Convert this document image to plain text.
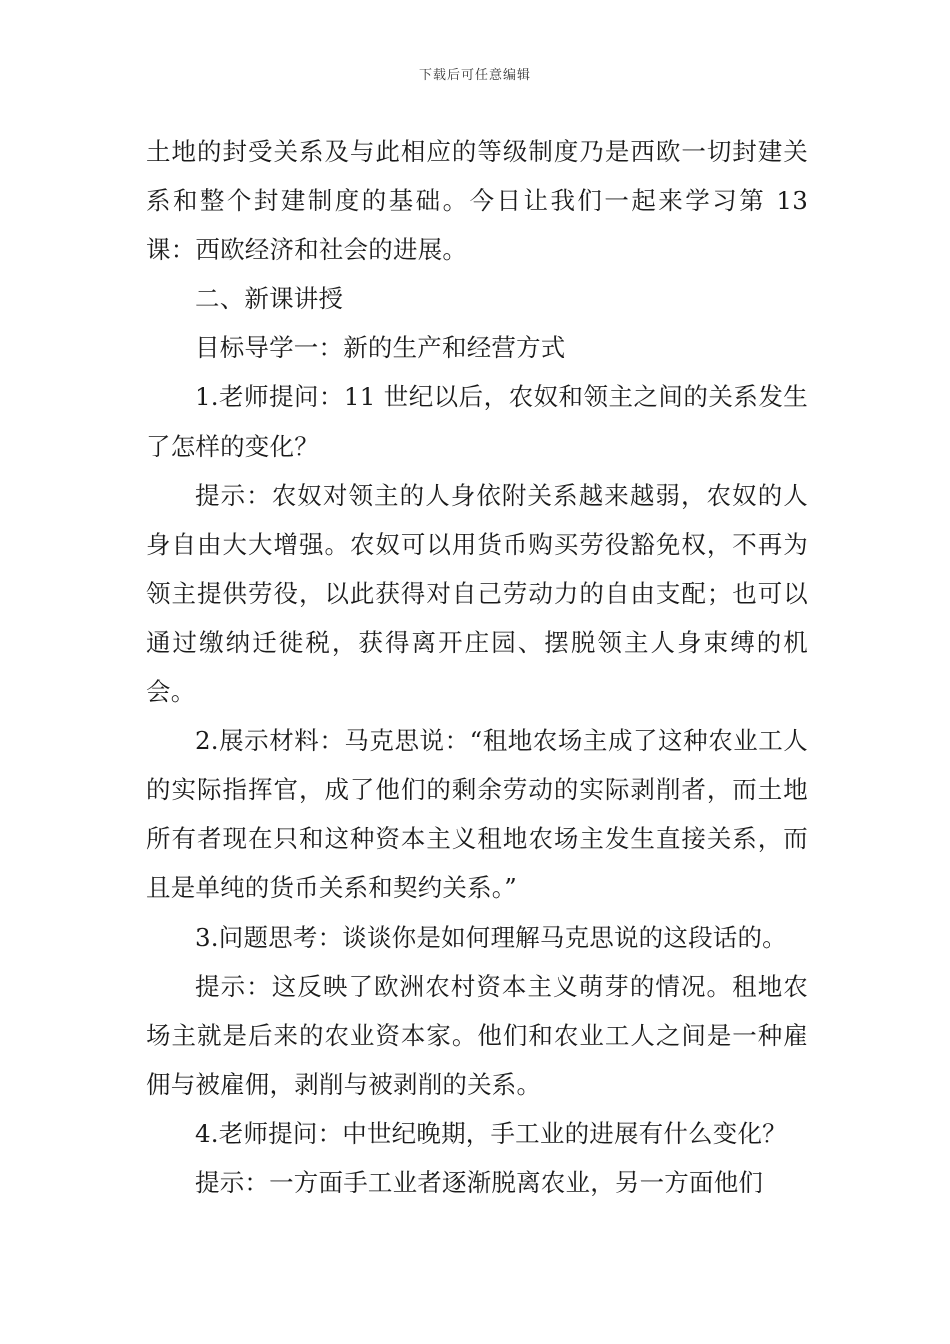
下载后可任意编辑

土地的封受关系及与此相应的等级制度乃是西欧一切封建关系和整个封建制度的基础。今日让我们一起来学习第 13 课：西欧经济和社会的进展。

二、新课讲授

目标导学一：新的生产和经营方式

1.老师提问：11 世纪以后，农奴和领主之间的关系发生了怎样的变化？

提示：农奴对领主的人身依附关系越来越弱，农奴的人身自由大大增强。农奴可以用货币购买劳役豁免权，不再为领主提供劳役，以此获得对自己劳动力的自由支配；也可以通过缴纳迁徙税，获得离开庄园、摆脱领主人身束缚的机会。

2.展示材料：马克思说：“租地农场主成了这种农业工人的实际指挥官，成了他们的剩余劳动的实际剥削者，而土地所有者现在只和这种资本主义租地农场主发生直接关系，而且是单纯的货币关系和契约关系。”

3.问题思考：谈谈你是如何理解马克思说的这段话的。

提示：这反映了欧洲农村资本主义萌芽的情况。租地农场主就是后来的农业资本家。他们和农业工人之间是一种雇佣与被雇佣，剥削与被剥削的关系。

4.老师提问：中世纪晚期，手工业的进展有什么变化？

提示：一方面手工业者逐渐脱离农业，另一方面他们
